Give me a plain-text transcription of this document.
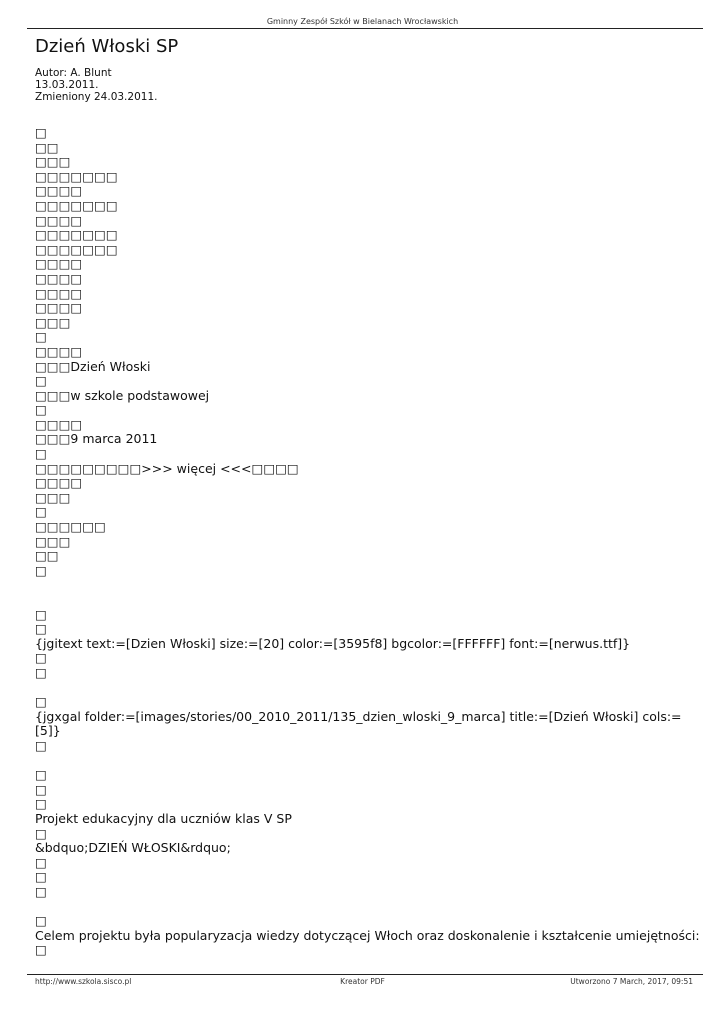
Gminny Zespół Szkół w Bielanach Wrocławskich
Dzień Włoski SP
Autor: A. Blunt
13.03.2011.
Zmieniony 24.03.2011.
□
□□
□□□
□□□□□□□
□□□□
□□□□□□□
□□□□
□□□□□□□
□□□□□□□
□□□□
□□□□
□□□□
□□□□
□□□
□
□□□□
□□□Dzień Włoski
□
□□□w szkole podstawowej
□
□□□□
□□□9 marca 2011
□
□□□□□□□□□>>> więcej <<<□□□□
□□□□
□□□
□
□□□□□□
□□□
□□
□
□
□
{jgitext text:=[Dzien Włoski] size:=[20] color:=[3595f8] bgcolor:=[FFFFFF] font:=[nerwus.ttf]}
□
□
□
{jgxgal folder:=[images/stories/00_2010_2011/135_dzien_wloski_9_marca] title:=[Dzień Włoski] cols:=[5]}
□
□
□
□
Projekt edukacyjny dla uczniów klas V SP
□
&bdquo;DZIEŃ WŁOSKI&rdquo;
□
□
□
□
Celem projektu była popularyzacja wiedzy dotyczącej Włoch oraz doskonalenie i kształcenie umiejętności:
□
http://www.szkola.sisco.pl	Kreator PDF	Utworzono 7 March, 2017, 09:51
